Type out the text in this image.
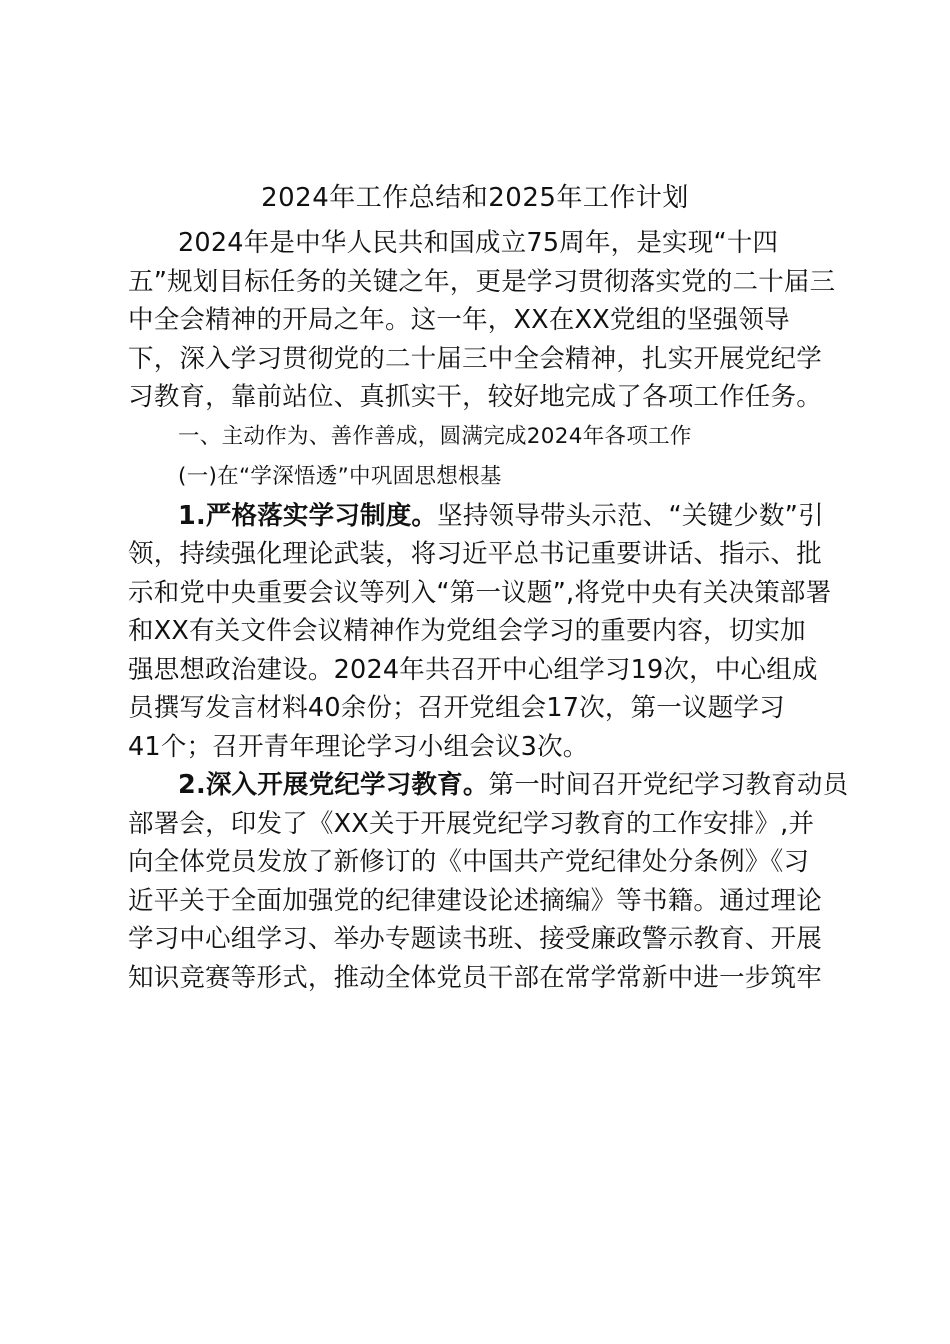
2024年工作总结和2025年工作计划
2024年是中华人民共和国成立75周年，是实现“十四
五”规划目标任务的关键之年，更是学习贯彻落实党的二十届三
中全会精神的开局之年。这一年，XX在XX党组的坚强领导
下，深入学习贯彻党的二十届三中全会精神，扎实开展党纪学
习教育，靠前站位、真抓实干，较好地完成了各项工作任务。
一、主动作为、善作善成，圆满完成2024年各项工作
(一)在“学深悟透”中巩固思想根基
1.严格落实学习制度。坚持领导带头示范、“关键少数”引
领，持续强化理论武装，将习近平总书记重要讲话、指示、批
示和党中央重要会议等列入“第一议题”,将党中央有关决策部署
和XX有关文件会议精神作为党组会学习的重要内容，切实加
强思想政治建设。2024年共召开中心组学习19次，中心组成
员撰写发言材料40余份；召开党组会17次，第一议题学习
41个；召开青年理论学习小组会议3次。
2.深入开展党纪学习教育。第一时间召开党纪学习教育动员
部署会，印发了《XX关于开展党纪学习教育的工作安排》,并
向全体党员发放了新修订的《中国共产党纪律处分条例》《习
近平关于全面加强党的纪律建设论述摘编》等书籍。通过理论
学习中心组学习、举办专题读书班、接受廉政警示教育、开展
知识竞赛等形式，推动全体党员干部在常学常新中进一步筑牢
